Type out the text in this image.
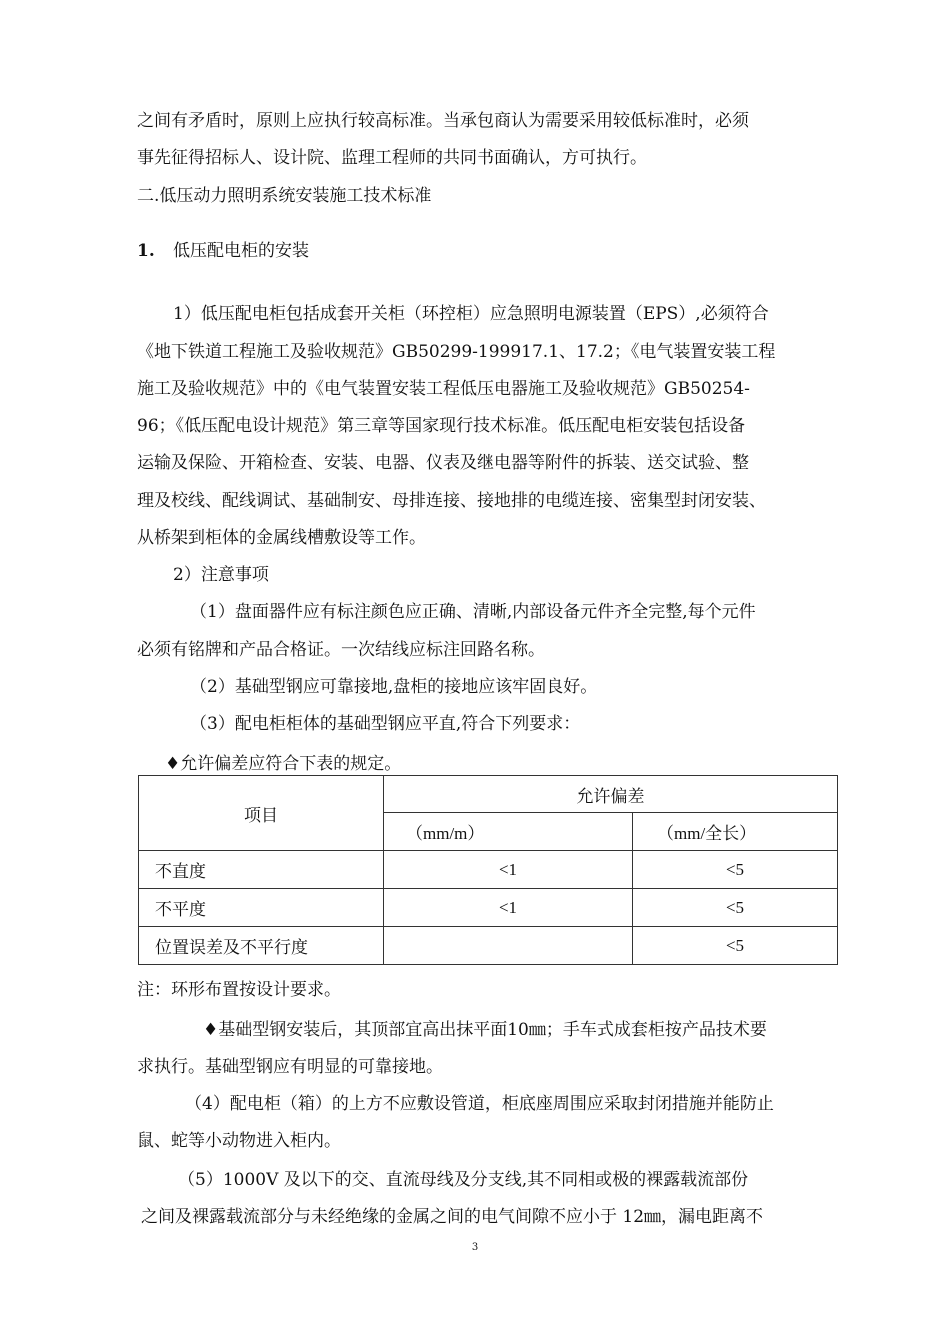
之间有矛盾时，原则上应执行较高标准。当承包商认为需要采用较低标准时，必须
事先征得招标人、设计院、监理工程师的共同书面确认，方可执行。
二.低压动力照明系统安装施工技术标准
1. 低压配电柜的安装
1）低压配电柜包括成套开关柜（环控柜）应急照明电源装置（EPS）,必须符合
《地下铁道工程施工及验收规范》GB50299-199917.1、17.2；《电气装置安装工程
施工及验收规范》中的《电气装置安装工程低压电器施工及验收规范》GB50254-
96；《低压配电设计规范》第三章等国家现行技术标准。低压配电柜安装包括设备
运输及保险、开箱检查、安装、电器、仪表及继电器等附件的拆装、送交试验、整
理及校线、配线调试、基础制安、母排连接、接地排的电缆连接、密集型封闭安装、
从桥架到柜体的金属线槽敷设等工作。
2）注意事项
（1）盘面器件应有标注颜色应正确、清晰,内部设备元件齐全完整,每个元件
必须有铭牌和产品合格证。一次结线应标注回路名称。
（2）基础型钢应可靠接地,盘柜的接地应该牢固良好。
（3）配电柜柜体的基础型钢应平直,符合下列要求：
♦允许偏差应符合下表的规定。
项目	允许偏差	
	（mm/m）	（mm/全长）
不直度	<1	<5
不平度	<1	<5
位置误差及不平行度		<5
注：环形布置按设计要求。
♦基础型钢安装后，其顶部宜高出抹平面10㎜；手车式成套柜按产品技术要
求执行。基础型钢应有明显的可靠接地。
（4）配电柜（箱）的上方不应敷设管道，柜底座周围应采取封闭措施并能防止
鼠、蛇等小动物进入柜内。
（5）1000V 及以下的交、直流母线及分支线,其不同相或极的裸露载流部份
之间及裸露载流部分与未经绝缘的金属之间的电气间隙不应小于 12㎜，漏电距离不
3
